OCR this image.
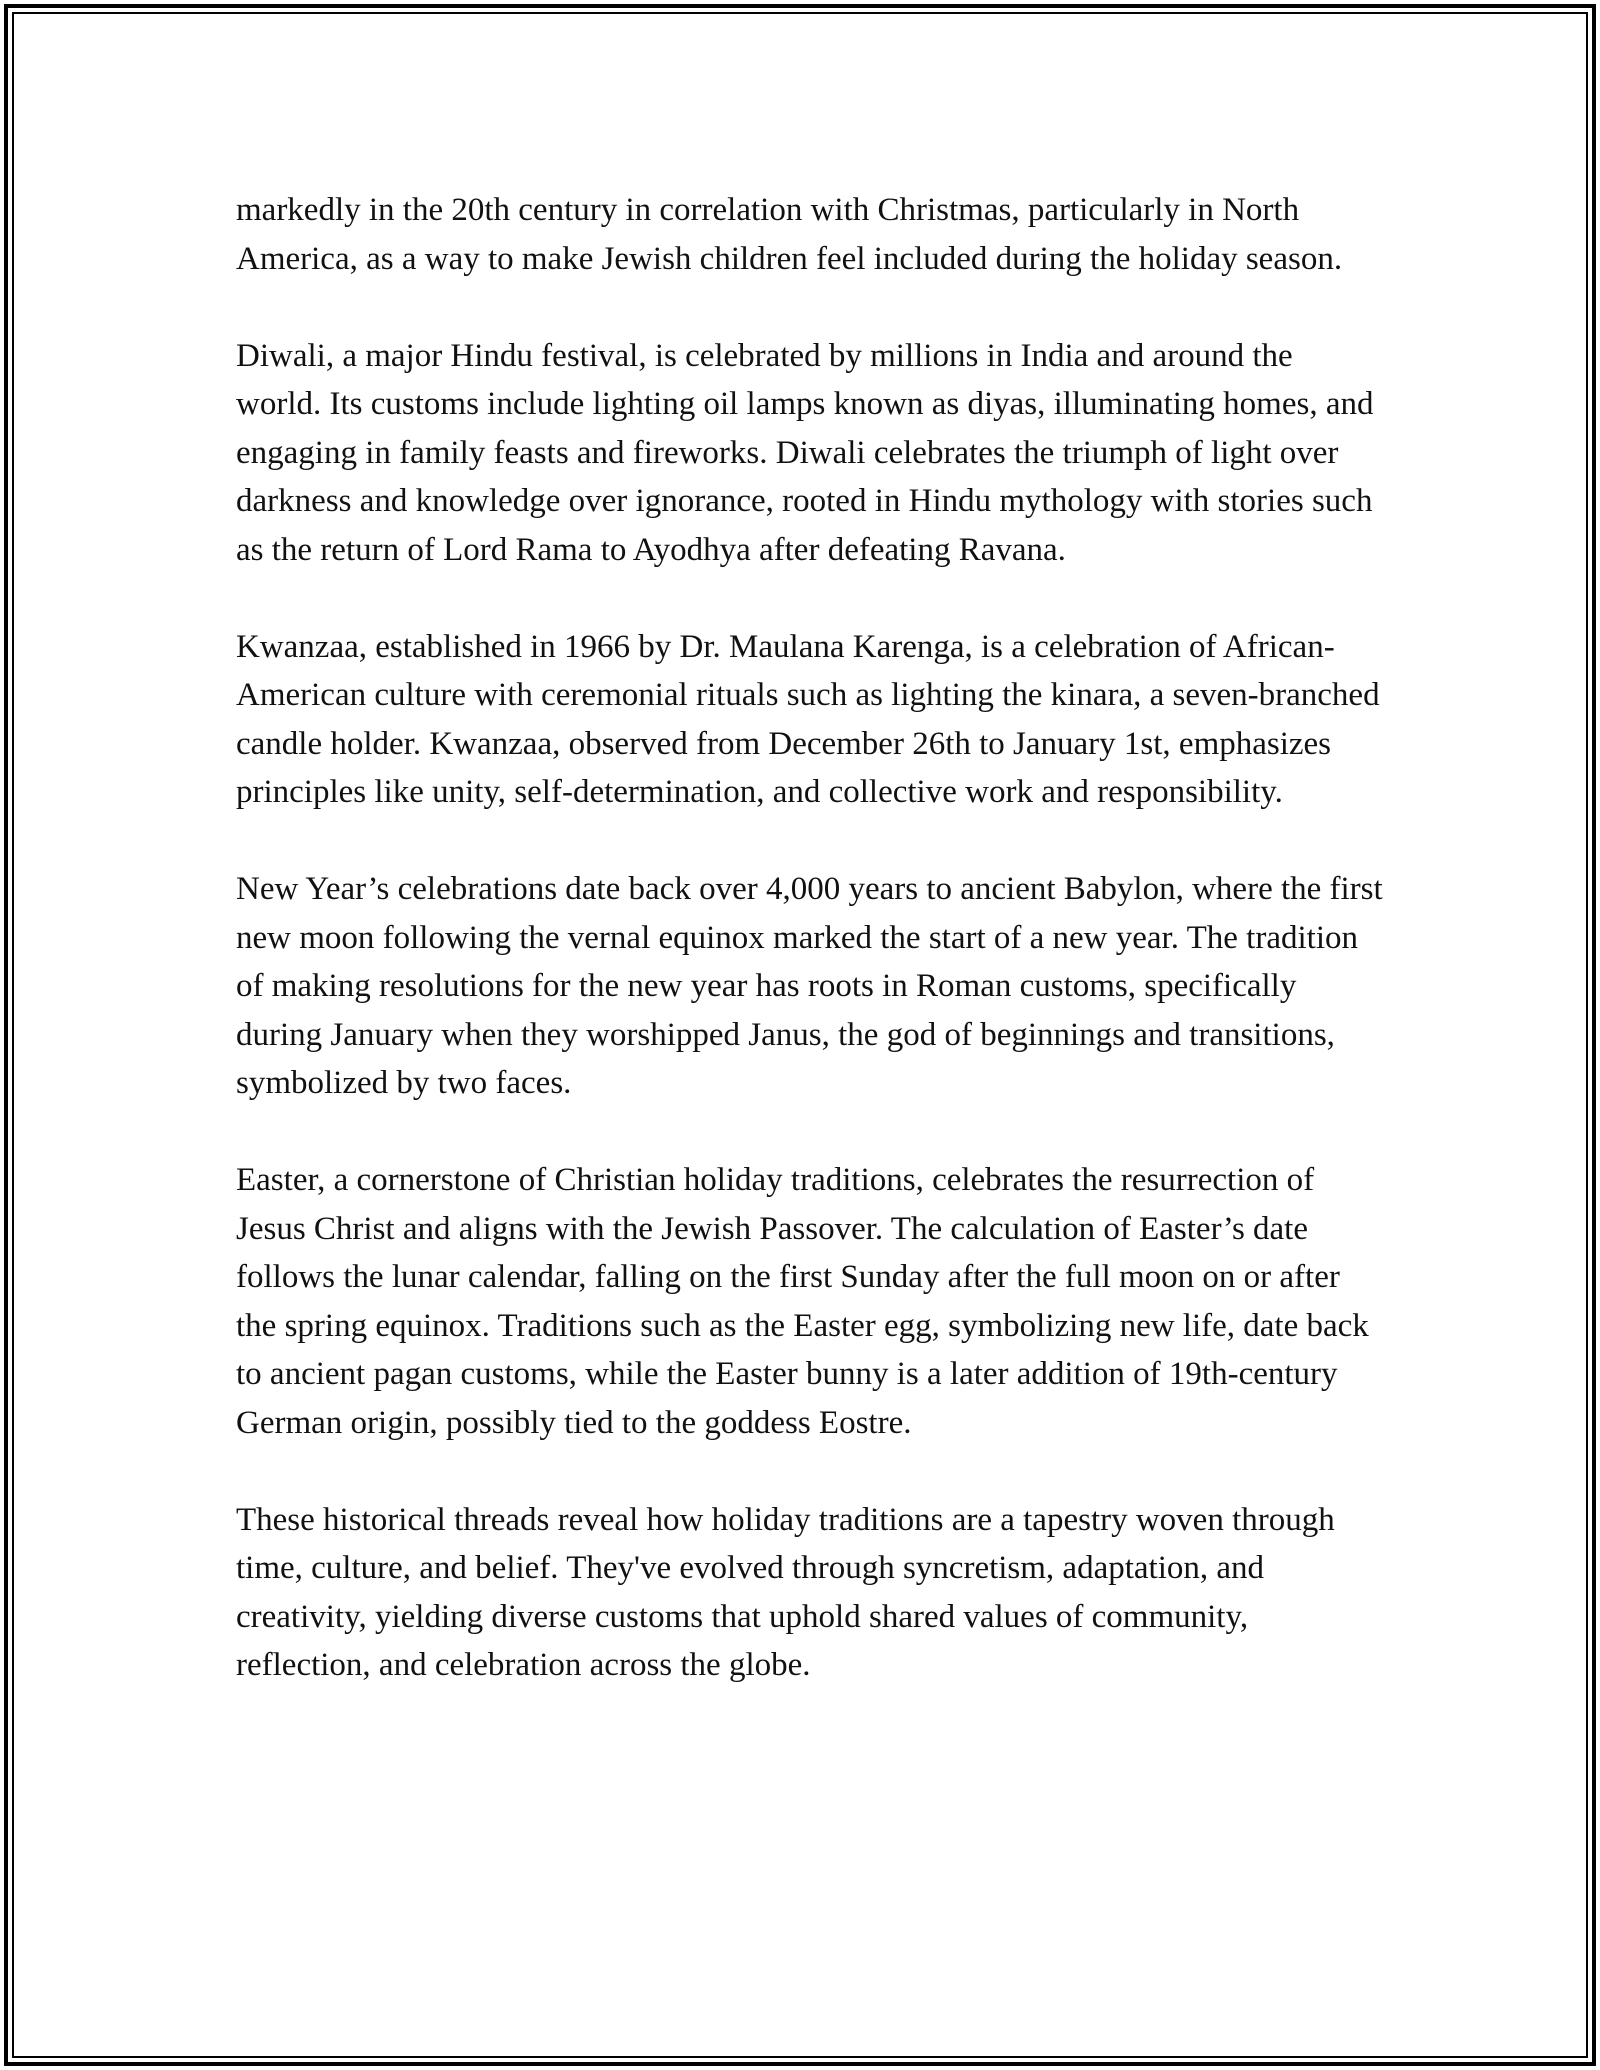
markedly in the 20th century in correlation with Christmas, particularly in North America, as a way to make Jewish children feel included during the holiday season.

Diwali, a major Hindu festival, is celebrated by millions in India and around the world. Its customs include lighting oil lamps known as diyas, illuminating homes, and engaging in family feasts and fireworks. Diwali celebrates the triumph of light over darkness and knowledge over ignorance, rooted in Hindu mythology with stories such as the return of Lord Rama to Ayodhya after defeating Ravana.

Kwanzaa, established in 1966 by Dr. Maulana Karenga, is a celebration of African-American culture with ceremonial rituals such as lighting the kinara, a seven-branched candle holder. Kwanzaa, observed from December 26th to January 1st, emphasizes principles like unity, self-determination, and collective work and responsibility.

New Year’s celebrations date back over 4,000 years to ancient Babylon, where the first new moon following the vernal equinox marked the start of a new year. The tradition of making resolutions for the new year has roots in Roman customs, specifically during January when they worshipped Janus, the god of beginnings and transitions, symbolized by two faces.

Easter, a cornerstone of Christian holiday traditions, celebrates the resurrection of Jesus Christ and aligns with the Jewish Passover. The calculation of Easter’s date follows the lunar calendar, falling on the first Sunday after the full moon on or after the spring equinox. Traditions such as the Easter egg, symbolizing new life, date back to ancient pagan customs, while the Easter bunny is a later addition of 19th-century German origin, possibly tied to the goddess Eostre.

These historical threads reveal how holiday traditions are a tapestry woven through time, culture, and belief. They've evolved through syncretism, adaptation, and creativity, yielding diverse customs that uphold shared values of community, reflection, and celebration across the globe.
